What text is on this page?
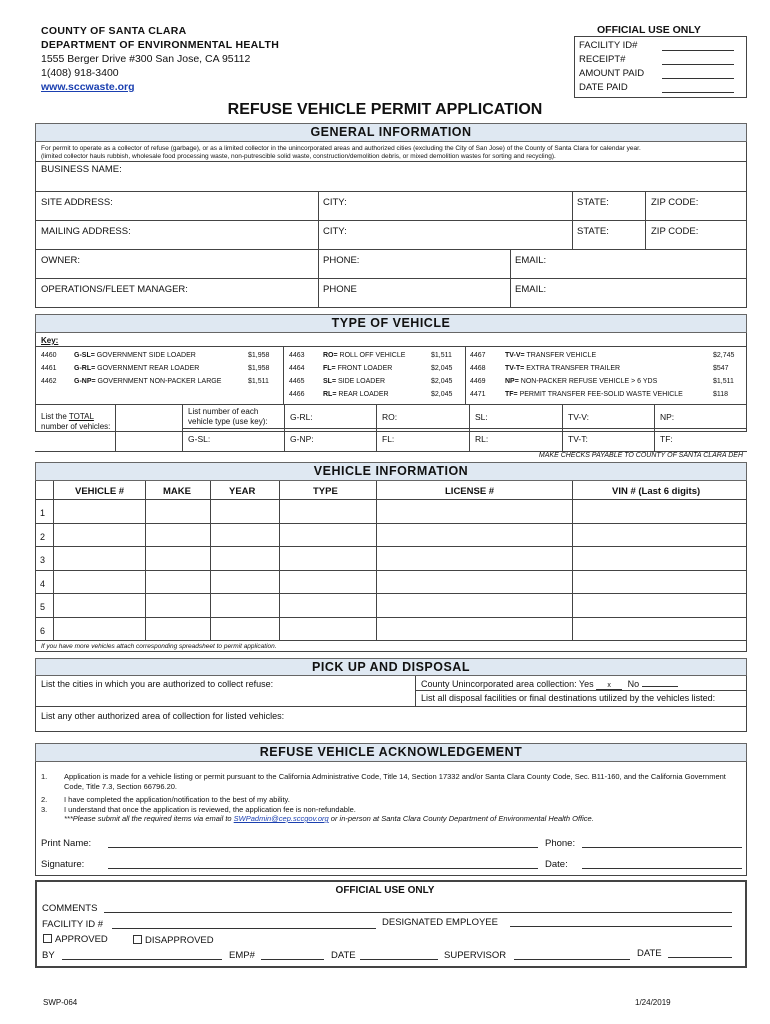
COUNTY OF SANTA CLARA
DEPARTMENT OF ENVIRONMENTAL HEALTH
1555 Berger Drive #300 San Jose, CA 95112
1(408) 918-3400
www.sccwaste.org
OFFICIAL USE ONLY
FACILITY ID#
RECEIPT#
AMOUNT PAID
DATE PAID
REFUSE VEHICLE PERMIT APPLICATION
GENERAL INFORMATION
For permit to operate as a collector of refuse (garbage), or as a limited collector in the unincorporated areas and authorized cities (excluding the City of San Jose) of the County of Santa Clara for calendar year.
(limited collector hauls rubbish, wholesale food processing waste, non-putrescible solid waste, construction/demolition debris, or mixed demolition wastes for sorting and recycling).
BUSINESS NAME:
SITE ADDRESS:	CITY:	STATE:	ZIP CODE:
MAILING ADDRESS:	CITY:	STATE:	ZIP CODE:
OWNER:	PHONE:	EMAIL:
OPERATIONS/FLEET MANAGER:	PHONE	EMAIL:
TYPE OF VEHICLE
Key:
4460 G-SL= GOVERNMENT SIDE LOADER	$1,958
4461 G-RL= GOVERNMENT REAR LOADER	$1,958
4462 G-NP= GOVERNMENT NON-PACKER LARGE	$1,511
4463	RO= ROLL OFF VEHICLE	$1,511
4464	FL= FRONT LOADER	$2,045
4465	SL= SIDE LOADER	$2,045
4466	RL= REAR LOADER	$2,045
4467	TV-V= TRANSFER VEHICLE	$2,745
4468	TV-T= EXTRA TRANSFER TRAILER	$547
4469	NP= NON-PACKER REFUSE VEHICLE > 6 YDS	$1,511
4471	TF= PERMIT TRANSFER FEE-SOLID WASTE VEHICLE	$118
List the TOTAL
number of vehicles:
List number of each vehicle type (use key):	G-RL:	RO:	SL:	TV-V:	NP:
G-SL:	G-NP:	FL:	RL:	TV-T:	TF:
MAKE CHECKS PAYABLE TO COUNTY OF SANTA CLARA DEH
VEHICLE INFORMATION
VEHICLE #	MAKE	YEAR	TYPE	LICENSE #	VIN # (Last 6 digits)
1
2
3
4
5
6
If you have more vehicles attach corresponding spreadsheet to permit application.
PICK UP AND DISPOSAL
List the cities in which you are authorized to collect refuse:	County Unincorporated area collection: Yes x No
List all disposal facilities or final destinations utilized by the vehicles listed:
List any other authorized area of collection for listed vehicles:
REFUSE VEHICLE ACKNOWLEDGEMENT
1. Application is made for a vehicle listing or permit pursuant to the California Administrative Code, Title 14, Section 17332 and/or Santa Clara County Code, Sec. B11-160, and the California Government Code, Title 7.3, Section 66796.20.
2. I have completed the application/notification to the best of my ability.
3. I understand that once the application is reviewed, the application fee is non-refundable.
***Please submit all the required items via email to SWPadmin@cep.sccgov.org or in-person at Santa Clara County Department of Environmental Health Office.
Print Name:	Phone:
Signature:	Date:
OFFICIAL USE ONLY
COMMENTS
FACILITY ID #	DESIGNATED EMPLOYEE
APPROVED	DISAPPROVED
BY	EMP#	DATE	SUPERVISOR	DATE
SWP-064	1/24/2019
